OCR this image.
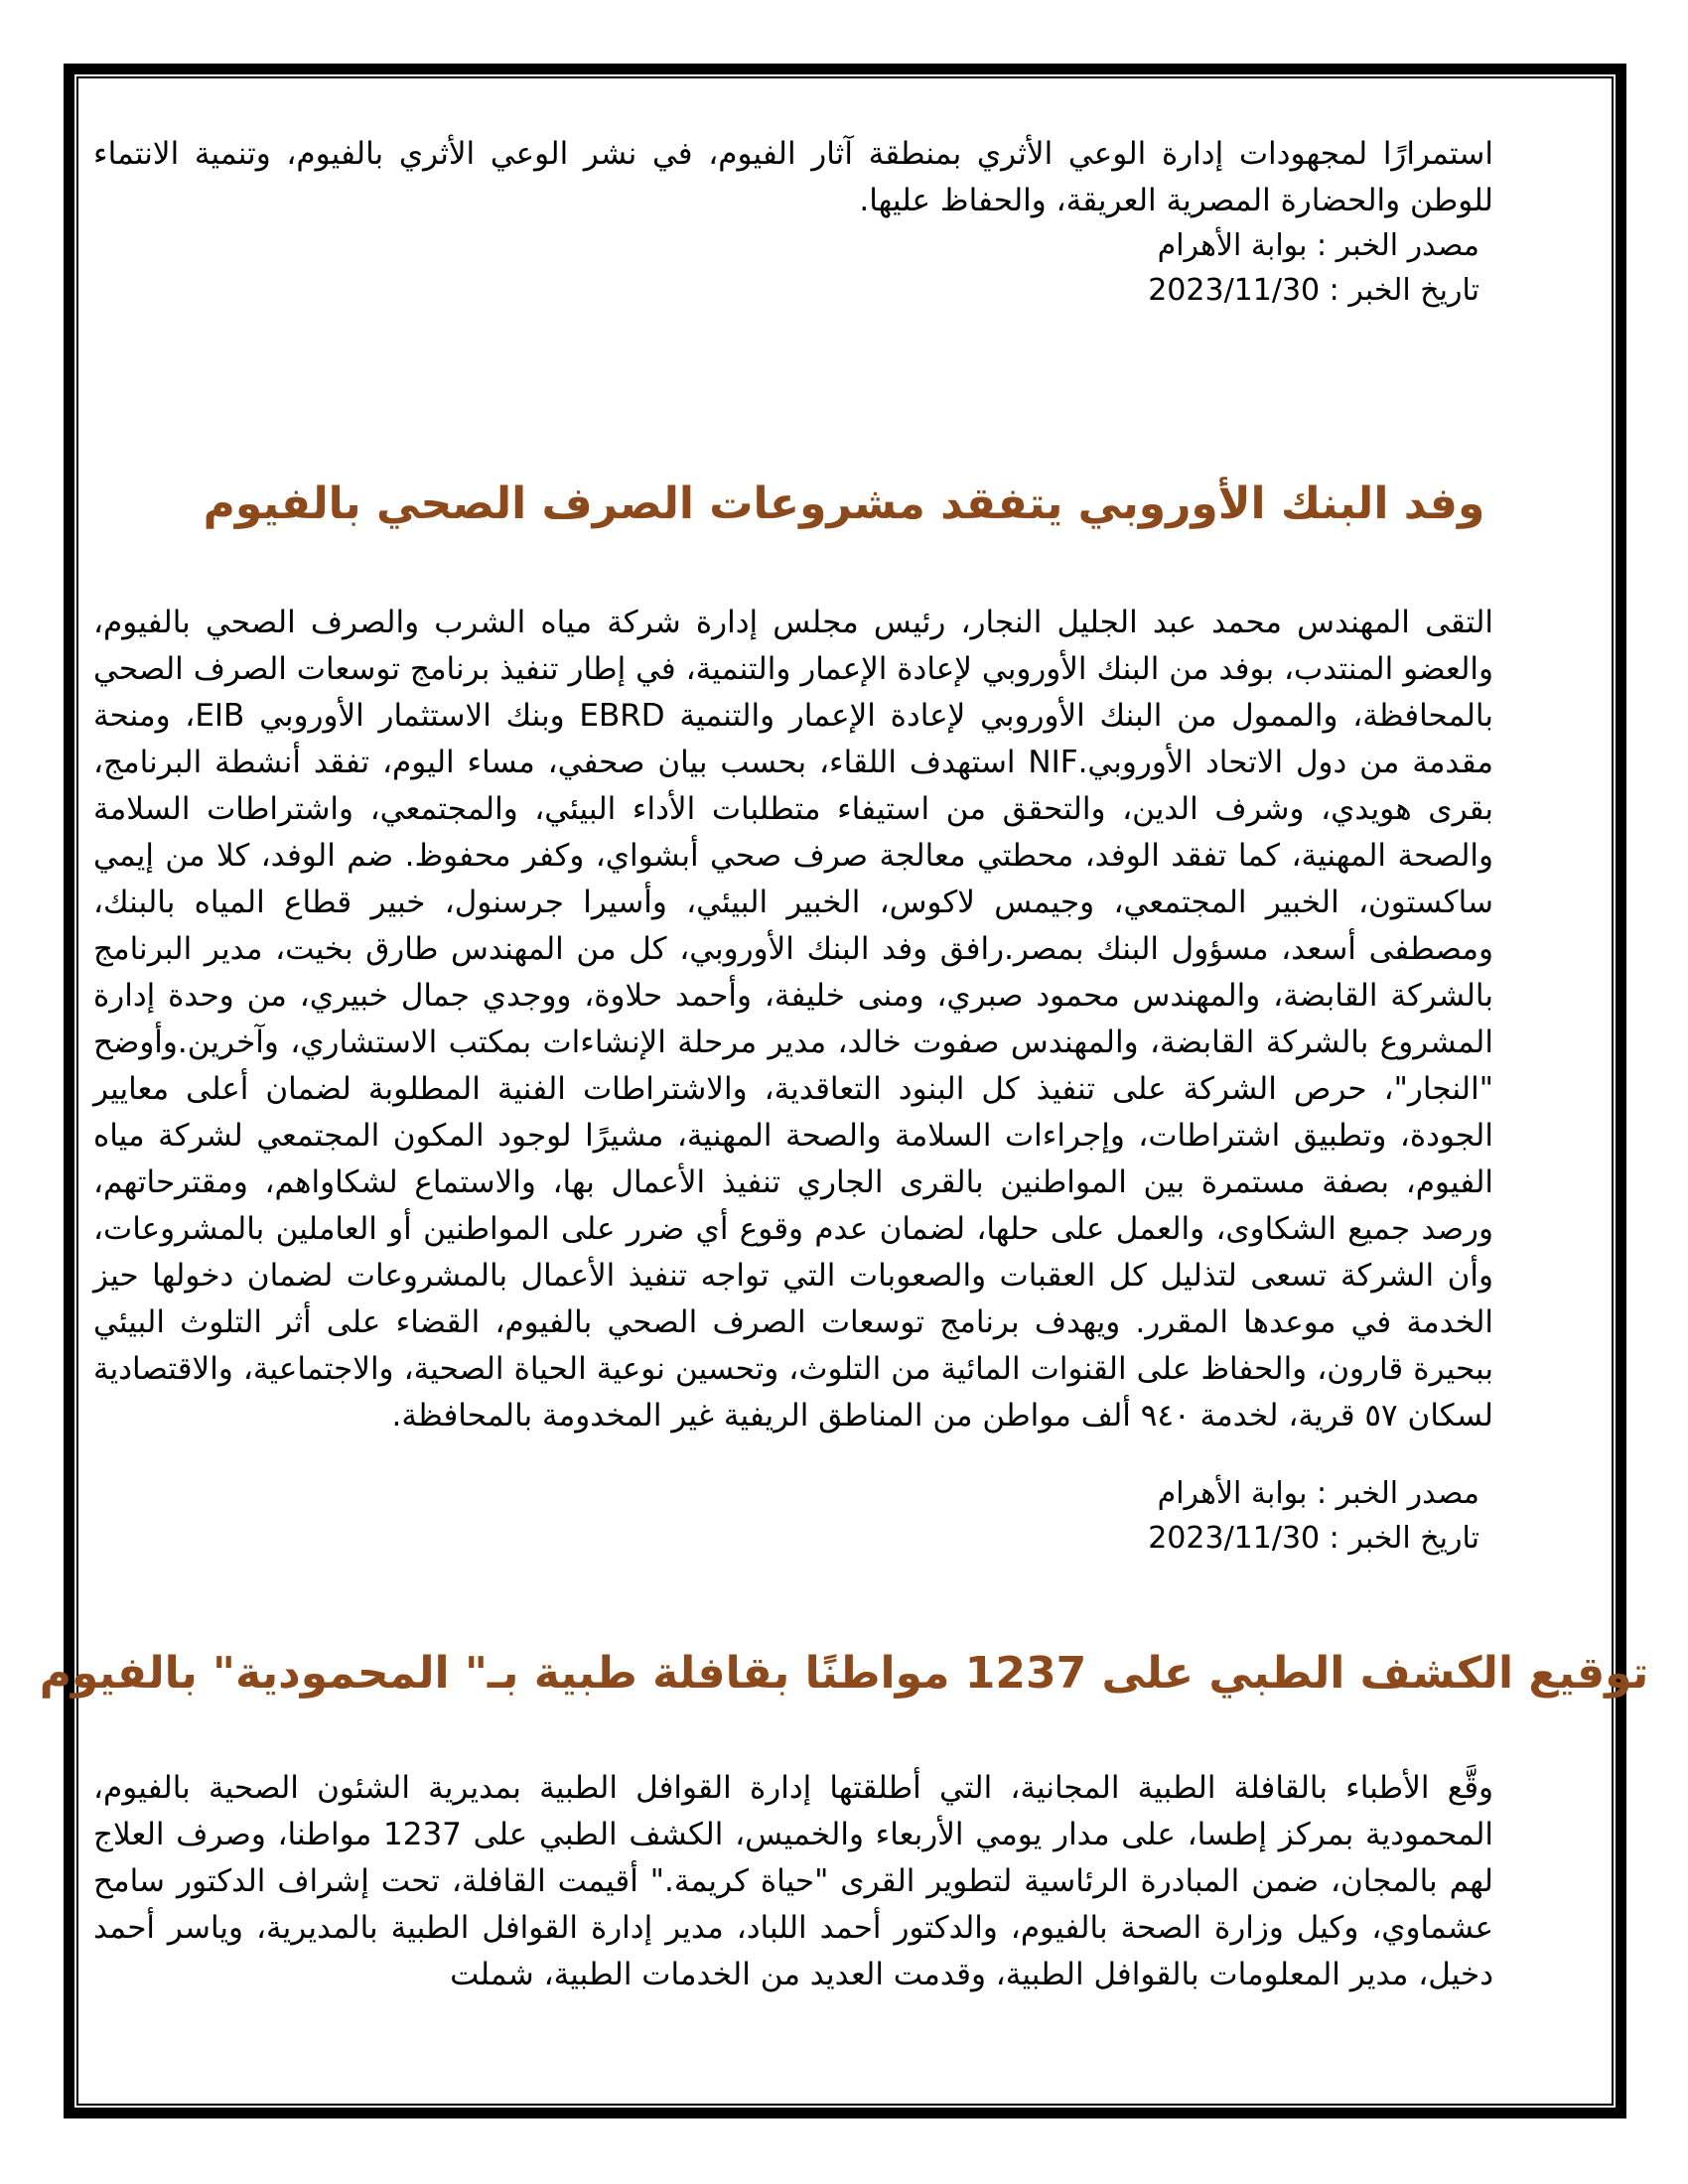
استمرارًا لمجهودات إدارة الوعي الأثري بمنطقة آثار الفيوم، في نشر الوعي الأثري بالفيوم، وتنمية الانتماء للوطن والحضارة المصرية العريقة، والحفاظ عليها.

مصدر الخبر : بوابة الأهرام
تاريخ الخبر : 2023/11/30
وفد البنك الأوروبي يتفقد مشروعات الصرف الصحي بالفيوم

التقى المهندس محمد عبد الجليل النجار، رئيس مجلس إدارة شركة مياه الشرب والصرف الصحي بالفيوم، والعضو المنتدب، بوفد من البنك الأوروبي لإعادة الإعمار والتنمية، في إطار تنفيذ برنامج توسعات الصرف الصحي بالمحافظة، والممول من البنك الأوروبي لإعادة الإعمار والتنمية EBRD وبنك الاستثمار الأوروبي EIB، ومنحة مقدمة من دول الاتحاد الأوروبي.NIF استهدف اللقاء، بحسب بيان صحفي، مساء اليوم، تفقد أنشطة البرنامج، بقرى هويدي، وشرف الدين، والتحقق من استيفاء متطلبات الأداء البيئي، والمجتمعي، واشتراطات السلامة والصحة المهنية، كما تفقد الوفد، محطتي معالجة صرف صحي أبشواي، وكفر محفوظ. ضم الوفد، كلا من إيمي ساكستون، الخبير المجتمعي، وجيمس لاكوس، الخبير البيئي، وأسيرا جرسنول، خبير قطاع المياه بالبنك، ومصطفى أسعد، مسؤول البنك بمصر.رافق وفد البنك الأوروبي، كل من المهندس طارق بخيت، مدير البرنامج بالشركة القابضة، والمهندس محمود صبري، ومنى خليفة، وأحمد حلاوة، ووجدي جمال خبيري، من وحدة إدارة المشروع بالشركة القابضة، والمهندس صفوت خالد، مدير مرحلة الإنشاءات بمكتب الاستشاري، وآخرين.وأوضح "النجار"، حرص الشركة على تنفيذ كل البنود التعاقدية، والاشتراطات الفنية المطلوبة لضمان أعلى معايير الجودة، وتطبيق اشتراطات، وإجراءات السلامة والصحة المهنية، مشيرًا لوجود المكون المجتمعي لشركة مياه الفيوم، بصفة مستمرة بين المواطنين بالقرى الجاري تنفيذ الأعمال بها، والاستماع لشكاواهم، ومقترحاتهم، ورصد جميع الشكاوى، والعمل على حلها، لضمان عدم وقوع أي ضرر على المواطنين أو العاملين بالمشروعات، وأن الشركة تسعى لتذليل كل العقبات والصعوبات التي تواجه تنفيذ الأعمال بالمشروعات لضمان دخولها حيز الخدمة في موعدها المقرر. ويهدف برنامج توسعات الصرف الصحي بالفيوم، القضاء على أثر التلوث البيئي ببحيرة قارون، والحفاظ على القنوات المائية من التلوث، وتحسين نوعية الحياة الصحية، والاجتماعية، والاقتصادية لسكان ٥٧ قرية، لخدمة ٩٤٠ ألف مواطن من المناطق الريفية غير المخدومة بالمحافظة.

مصدر الخبر : بوابة الأهرام
تاريخ الخبر : 2023/11/30
توقيع الكشف الطبي على 1237 مواطنًا بقافلة طبية بـ" المحمودية" بالفيوم

وقَّع الأطباء بالقافلة الطبية المجانية، التي أطلقتها إدارة القوافل الطبية بمديرية الشئون الصحية بالفيوم، المحمودية بمركز إطسا، على مدار يومي الأربعاء والخميس، الكشف الطبي على 1237 مواطنا، وصرف العلاج لهم بالمجان، ضمن المبادرة الرئاسية لتطوير القرى "حياة كريمة." أقيمت القافلة، تحت إشراف الدكتور سامح عشماوي، وكيل وزارة الصحة بالفيوم، والدكتور أحمد اللباد، مدير إدارة القوافل الطبية بالمديرية، وياسر أحمد دخيل، مدير المعلومات بالقوافل الطبية، وقدمت العديد من الخدمات الطبية، شملت
